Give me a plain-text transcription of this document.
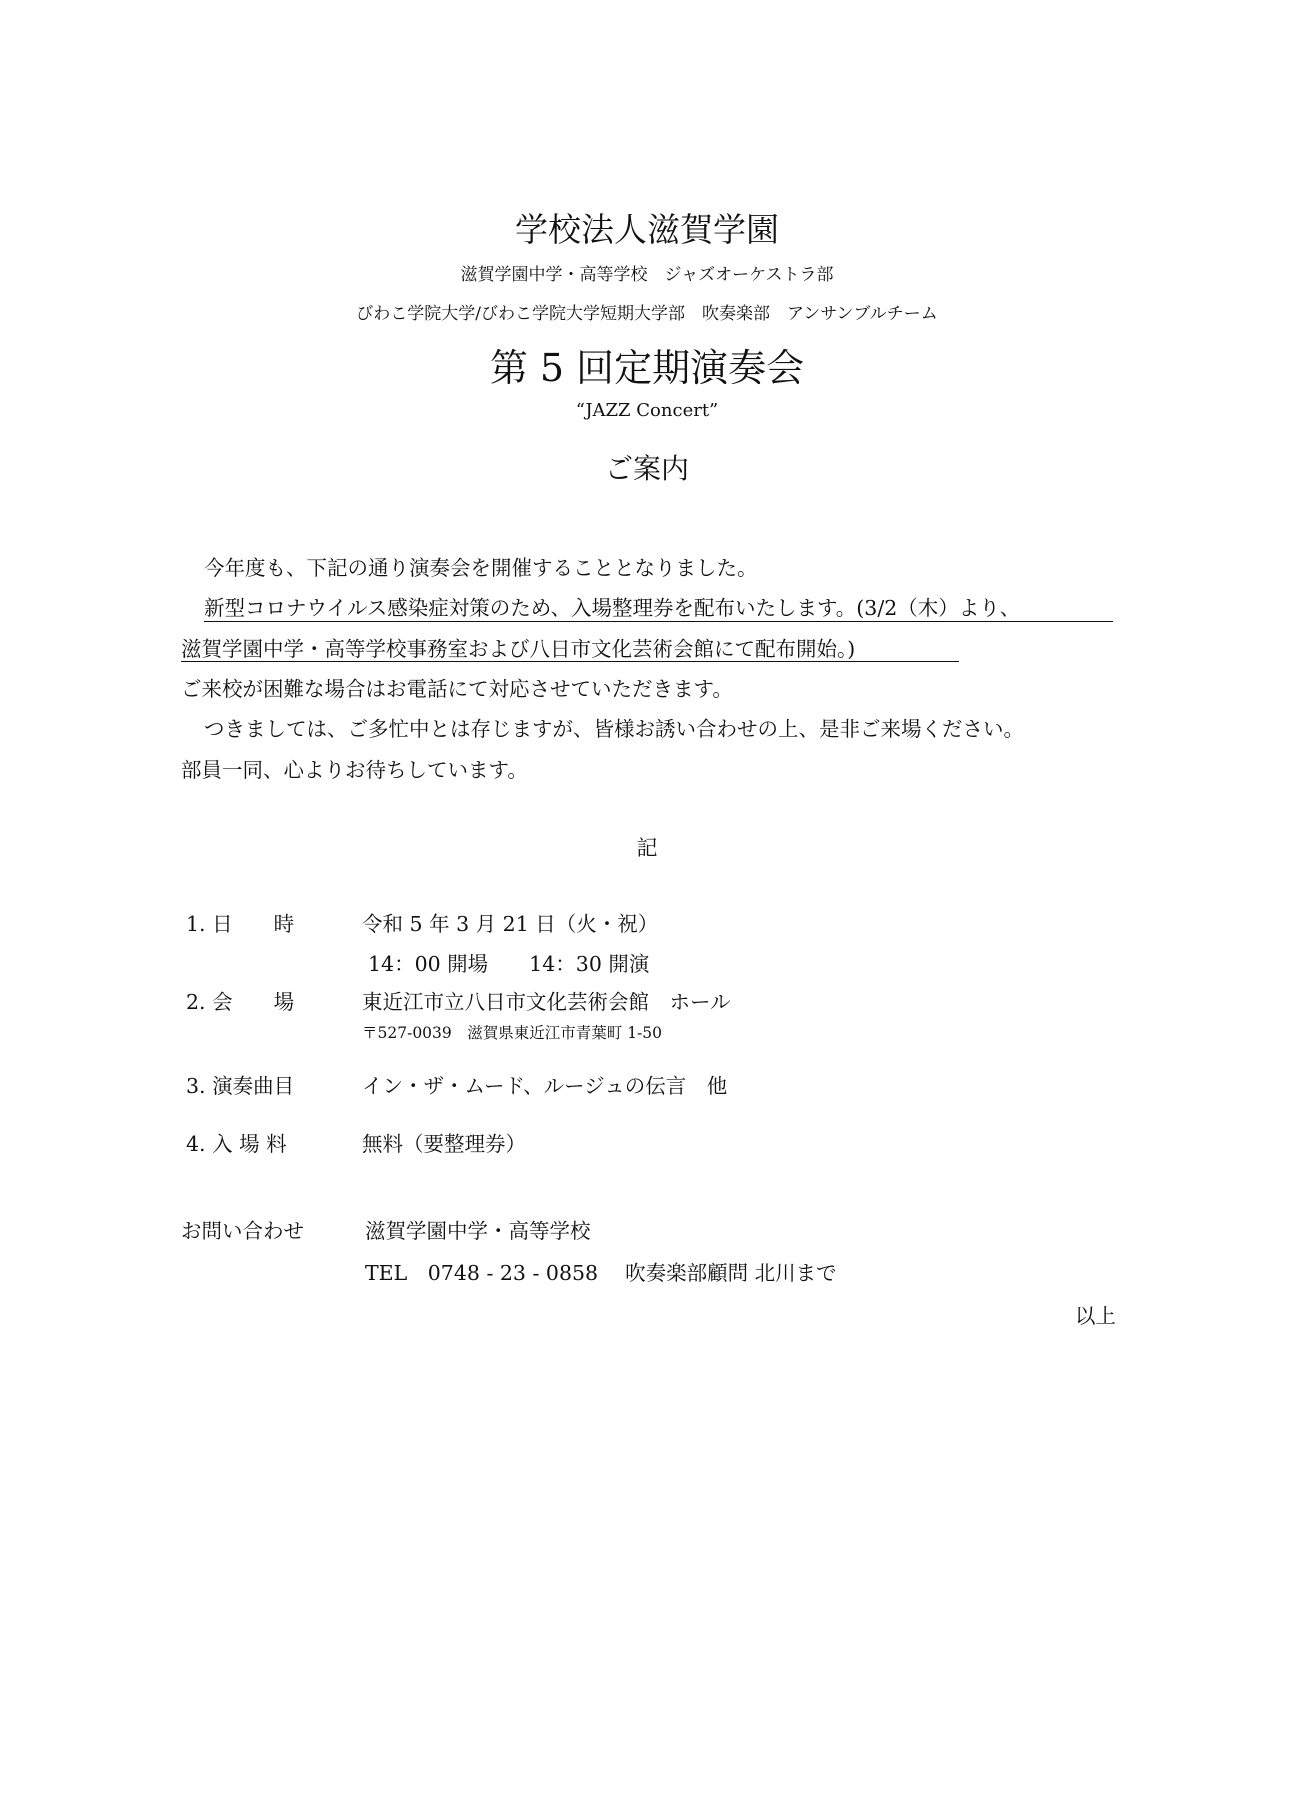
学校法人滋賀学園
滋賀学園中学・高等学校　ジャズオーケストラ部
びわこ学院大学/びわこ学院大学短期大学部　吹奏楽部　アンサンブルチーム
第 5 回定期演奏会
“JAZZ Concert”
ご案内
今年度も、下記の通り演奏会を開催することとなりました。
新型コロナウイルス感染症対策のため、入場整理券を配布いたします。(3/2（木）より、
滋賀学園中学・高等学校事務室および八日市文化芸術会館にて配布開始。)
ご来校が困難な場合はお電話にて対応させていただきます。
つきましては、ご多忙中とは存じますが、皆様お誘い合わせの上、是非ご来場ください。
部員一同、心よりお待ちしています。
記
1. 日　　時	令和 5 年 3 月 21 日（火・祝）
14：00 開場　　14：30 開演
2. 会　　場	東近江市立八日市文化芸術会館　ホール
〒527-0039　滋賀県東近江市青葉町 1-50
3. 演奏曲目	イン・ザ・ムード、ルージュの伝言　他
4. 入 場 料	無料（要整理券）
お問い合わせ	滋賀学園中学・高等学校
TEL　0748 - 23 - 0858　 吹奏楽部顧問 北川まで
以上
